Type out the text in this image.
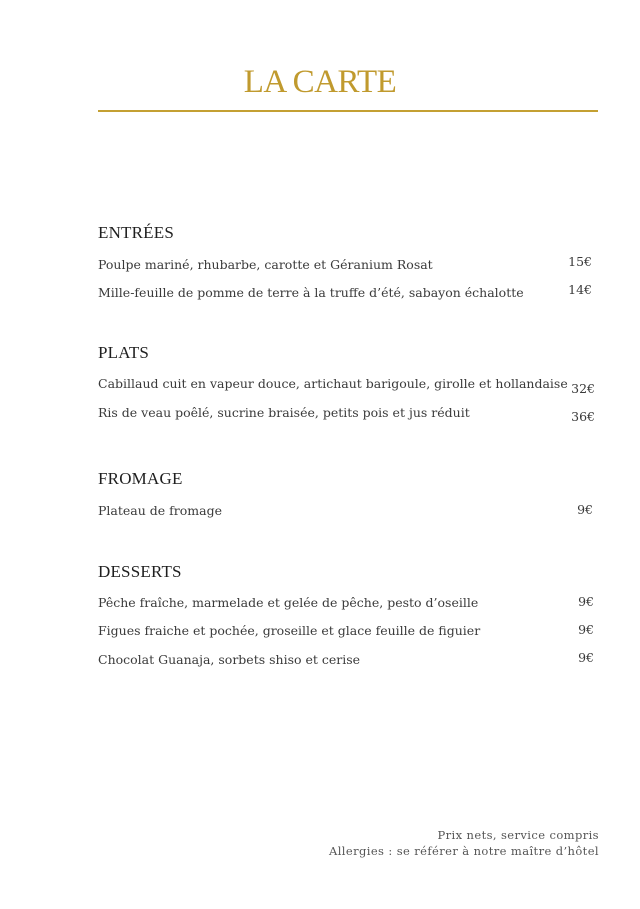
LA CARTE
ENTRÉES
Poulpe mariné, rhubarbe, carotte et Géranium Rosat	15€
Mille-feuille de pomme de terre à la truffe d’été, sabayon échalotte	14€
PLATS
Cabillaud cuit en vapeur douce, artichaut barigoule, girolle et hollandaise 32€
Ris de veau poêlé, sucrine braisée, petits pois et jus réduit	36€
FROMAGE
Plateau de fromage	9€
DESSERTS
Pêche fraîche, marmelade et gelée de pêche, pesto d’oseille	9€
Figues fraiche et pochée, groseille et glace feuille de figuier	9€
Chocolat Guanaja, sorbets shiso et cerise	9€
Prix nets, service compris
Allergies : se référer à notre maître d’hôtel
